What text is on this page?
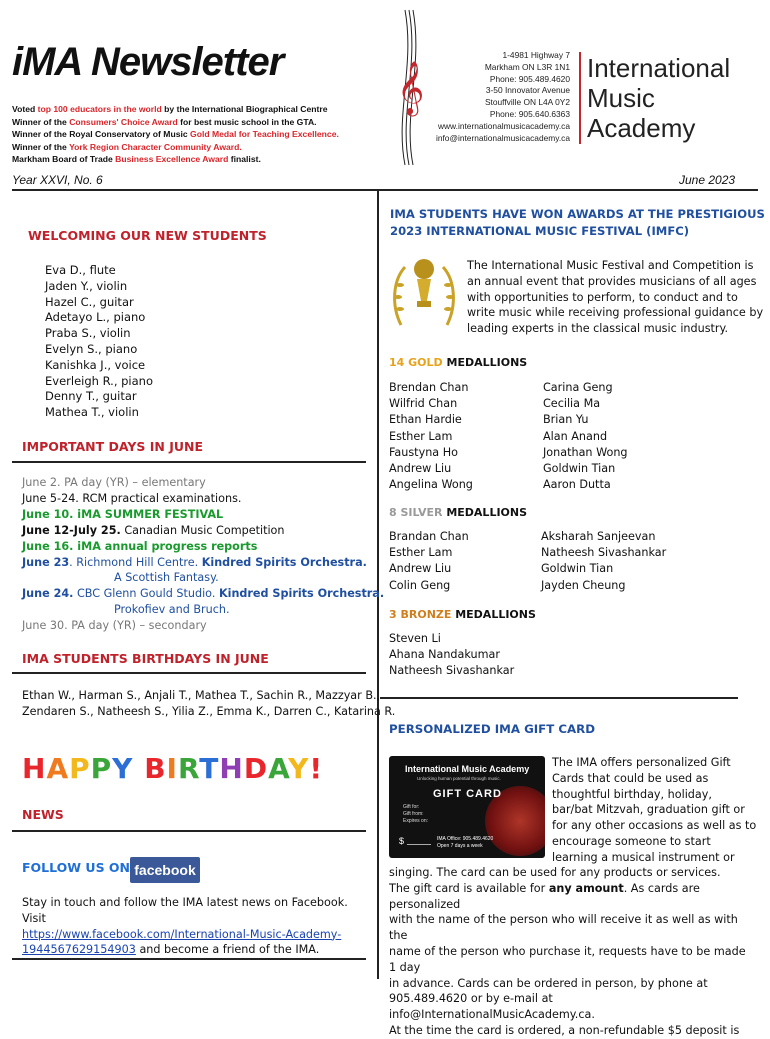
iMA Newsletter
Voted top 100 educators in the world by the International Biographical Centre
Winner of the Consumers' Choice Award for best music school in the GTA.
Winner of the Royal Conservatory of Music Gold Medal for Teaching Excellence.
Winner of the York Region Character Community Award.
Markham Board of Trade Business Excellence Award finalist.
𝄞
1-4981 Highway 7
Markham ON L3R 1N1
Phone: 905.489.4620
3-50 Innovator Avenue
Stouffville ON L4A 0Y2
Phone: 905.640.6363
www.internationalmusicacademy.ca
info@internationalmusicacademy.ca
International
Music
Academy
Year XXVI, No. 6	June 2023
WELCOMING OUR NEW STUDENTS
Eva D., flute
Jaden Y., violin
Hazel C., guitar
Adetayo L., piano
Praba S., violin
Evelyn S., piano
Kanishka J., voice
Everleigh R., piano
Denny T., guitar
Mathea T., violin
IMPORTANT DAYS IN JUNE
June 2. PA day (YR) – elementary
June 5-24. RCM practical examinations.
June 10. iMA SUMMER FESTIVAL
June 12-July 25. Canadian Music Competition
June 16. iMA annual progress reports
June 23. Richmond Hill Centre. Kindred Spirits Orchestra.
A Scottish Fantasy.
June 24. CBC Glenn Gould Studio. Kindred Spirits Orchestra.
Prokofiev and Bruch.
June 30. PA day (YR) – secondary
IMA STUDENTS BIRTHDAYS IN JUNE
Ethan W., Harman S., Anjali T., Mathea T., Sachin R., Mazzyar B.,
Zendaren S., Natheesh S., Yilia Z., Emma K., Darren C., Katarina R.
HAPPY BIRTHDAY!
NEWS
FOLLOW US ON facebook
Stay in touch and follow the IMA latest news on Facebook. Visit
https://www.facebook.com/International-Music-Academy-
1944567629154903 and become a friend of the IMA.
IMA STUDENTS HAVE WON AWARDS AT THE PRESTIGIOUS
2023 INTERNATIONAL MUSIC FESTIVAL (IMFC)
IMFC
The International Music Festival and Competition is
an annual event that provides musicians of all ages
with opportunities to perform, to conduct and to
write music while receiving professional guidance by
leading experts in the classical music industry.
14 GOLD MEDALLIONS
Brendan Chan
Wilfrid Chan
Ethan Hardie
Esther Lam
Faustyna Ho
Andrew Liu
Angelina Wong
Carina Geng
Cecilia Ma
Brian Yu
Alan Anand
Jonathan Wong
Goldwin Tian
Aaron Dutta
8 SILVER MEDALLIONS
Brandan Chan
Esther Lam
Andrew Liu
Colin Geng
Aksharah Sanjeevan
Natheesh Sivashankar
Goldwin Tian
Jayden Cheung
3 BRONZE MEDALLIONS
Steven Li
Ahana Nandakumar
Natheesh Sivashankar
PERSONALIZED IMA GIFT CARD
International Music Academy
Unlocking human potential through music.
GIFT CARD
Gift for:
Gift from:
Expires on:
$	IMA Office: 905.489.4620
Open 7 days a week
The IMA offers personalized Gift
Cards that could be used as
thoughtful birthday, holiday,
bar/bat Mitzvah, graduation gift or
for any other occasions as well as to
encourage someone to start
learning a musical instrument or
singing. The card can be used for any products or services.
The gift card is available for any amount. As cards are personalized
with the name of the person who will receive it as well as with the
name of the person who purchase it, requests have to be made 1 day
in advance. Cards can be ordered in person, by phone at
905.489.4620 or by e-mail at info@InternationalMusicAcademy.ca.
At the time the card is ordered, a non-refundable $5 deposit is
